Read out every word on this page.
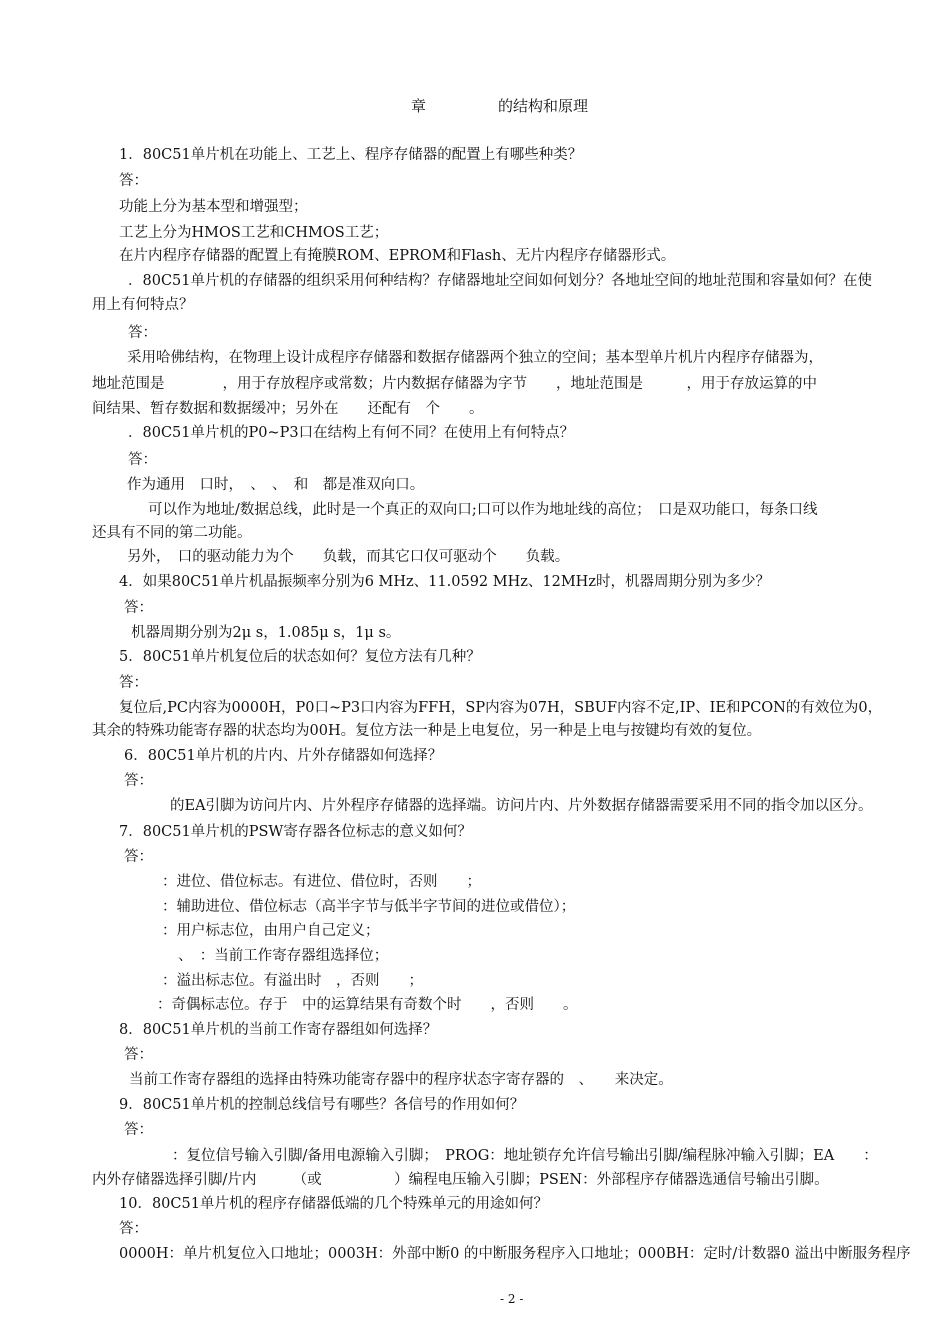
章	的结构和原理
1．80C51单片机在功能上、工艺上、程序存储器的配置上有哪些种类？
答：
功能上分为基本型和增强型；
工艺上分为HMOS工艺和CHMOS工艺；
在片内程序存储器的配置上有掩膜ROM、EPROM和Flash、无片内程序存储器形式。
．80C51单片机的存储器的组织采用何种结构？存储器地址空间如何划分？各地址空间的地址范围和容量如何？在使
用上有何特点？
答：
采用哈佛结构，在物理上设计成程序存储器和数据存储器两个独立的空间；基本型单片机片内程序存储器为，
地址范围是　　　　，用于存放程序或常数；片内数据存储器为字节　　，地址范围是　　　，用于存放运算的中
间结果、暂存数据和数据缓冲；另外在　　还配有　个　　。
．80C51单片机的P0~P3口在结构上有何不同？在使用上有何特点？
答：
作为通用　口时，　、　、　和　都是准双向口。
可以作为地址/数据总线，此时是一个真正的双向口;口可以作为地址线的高位；　口是双功能口，每条口线
还具有不同的第二功能。
另外，　口的驱动能力为个　　负载，而其它口仅可驱动个　　负载。
4．如果80C51单片机晶振频率分别为6 MHz、11.0592 MHz、12MHz时，机器周期分别为多少？
答：
机器周期分别为2μ s，1.085μ s，1μ s。
5．80C51单片机复位后的状态如何？复位方法有几种？
答：
复位后,PC内容为0000H，P0口~P3口内容为FFH，SP内容为07H，SBUF内容不定,IP、IE和PCON的有效位为0，
其余的特殊功能寄存器的状态均为00H。复位方法一种是上电复位，另一种是上电与按键均有效的复位。
6．80C51单片机的片内、片外存储器如何选择？
答：
的EA引脚为访问片内、片外程序存储器的选择端。访问片内、片外数据存储器需要采用不同的指令加以区分。
7．80C51单片机的PSW寄存器各位标志的意义如何？
答：
：进位、借位标志。有进位、借位时，否则　　；
：辅助进位、借位标志（高半字节与低半字节间的进位或借位）；
：用户标志位，由用户自己定义；
、　：当前工作寄存器组选择位；
：溢出标志位。有溢出时　，否则　　；
：奇偶标志位。存于　中的运算结果有奇数个时　　，否则　　。
8．80C51单片机的当前工作寄存器组如何选择？
答：
当前工作寄存器组的选择由特殊功能寄存器中的程序状态字寄存器的　、　　来决定。
9．80C51单片机的控制总线信号有哪些？各信号的作用如何？
答：
：复位信号输入引脚/备用电源输入引脚；　PROG：地址锁存允许信号输出引脚/编程脉冲输入引脚；EA　　：
内外存储器选择引脚/片内　　　（或　　　　　）编程电压输入引脚；PSEN：外部程序存储器选通信号输出引脚。
10．80C51单片机的程序存储器低端的几个特殊单元的用途如何？
答：
0000H：单片机复位入口地址；0003H：外部中断0 的中断服务程序入口地址；000BH：定时/计数器0 溢出中断服务程序
- 2 -
